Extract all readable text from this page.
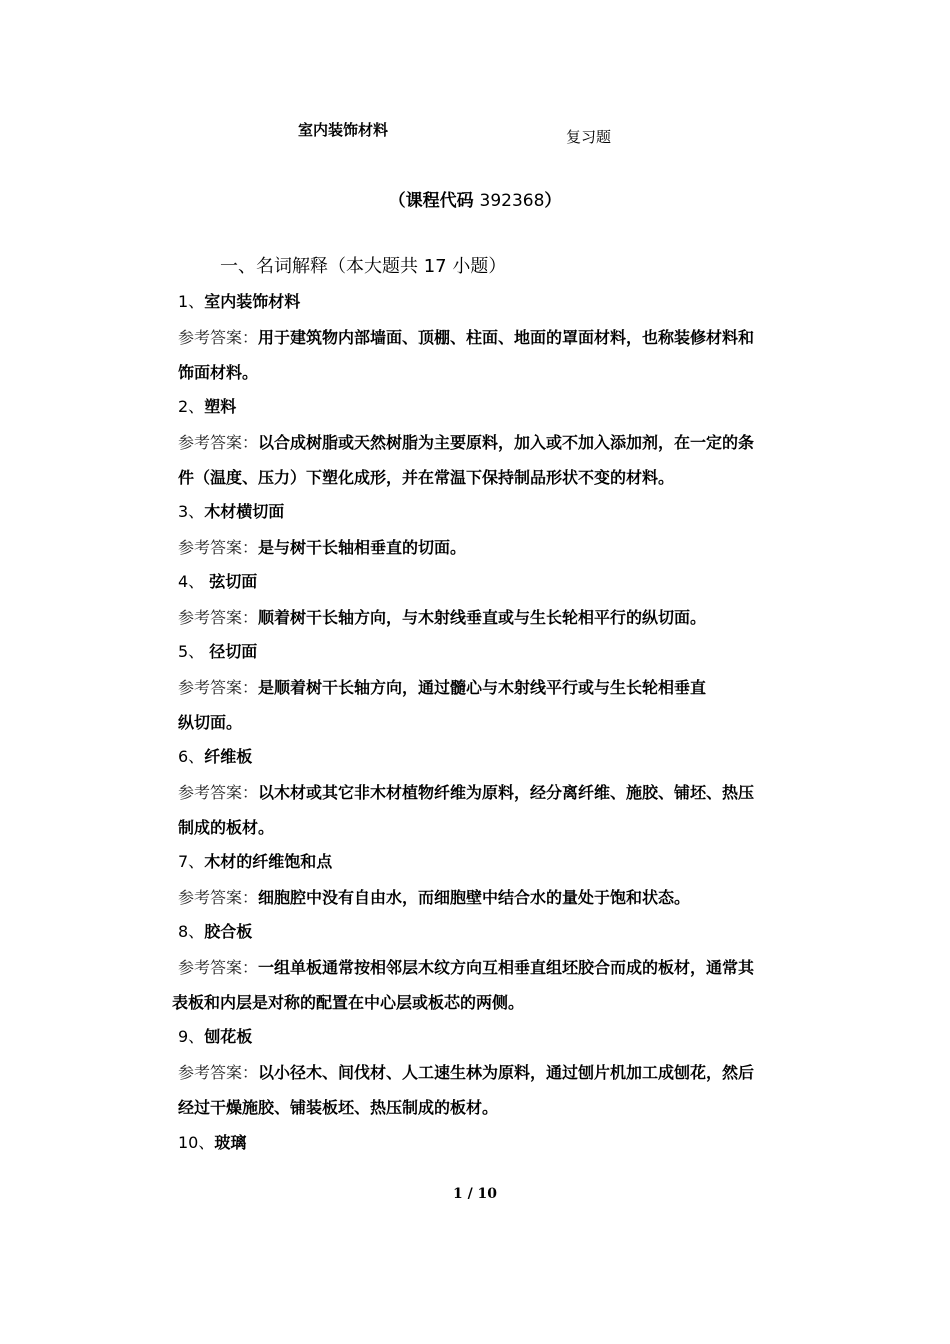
室内装饰材料	复习题
（课程代码 392368）
一、名词解释（本大题共 17 小题）
1、室内装饰材料
参考答案：用于建筑物内部墙面、顶棚、柱面、地面的罩面材料，也称装修材料和
饰面材料。
2、塑料
参考答案：以合成树脂或天然树脂为主要原料，加入或不加入添加剂，在一定的条
件（温度、压力）下塑化成形，并在常温下保持制品形状不变的材料。
3、木材横切面
参考答案：是与树干长轴相垂直的切面。
4、 弦切面
参考答案：顺着树干长轴方向，与木射线垂直或与生长轮相平行的纵切面。
5、 径切面
参考答案：是顺着树干长轴方向，通过髓心与木射线平行或与生长轮相垂直
纵切面。
6、纤维板
参考答案：以木材或其它非木材植物纤维为原料，经分离纤维、施胶、铺坯、热压
制成的板材。
7、木材的纤维饱和点
参考答案：细胞腔中没有自由水，而细胞壁中结合水的量处于饱和状态。
8、胶合板
参考答案：一组单板通常按相邻层木纹方向互相垂直组坯胶合而成的板材，通常其
表板和内层是对称的配置在中心层或板芯的两侧。
9、刨花板
参考答案：以小径木、间伐材、人工速生林为原料，通过刨片机加工成刨花，然后
经过干燥施胶、铺装板坯、热压制成的板材。
10、玻璃
1 / 10
